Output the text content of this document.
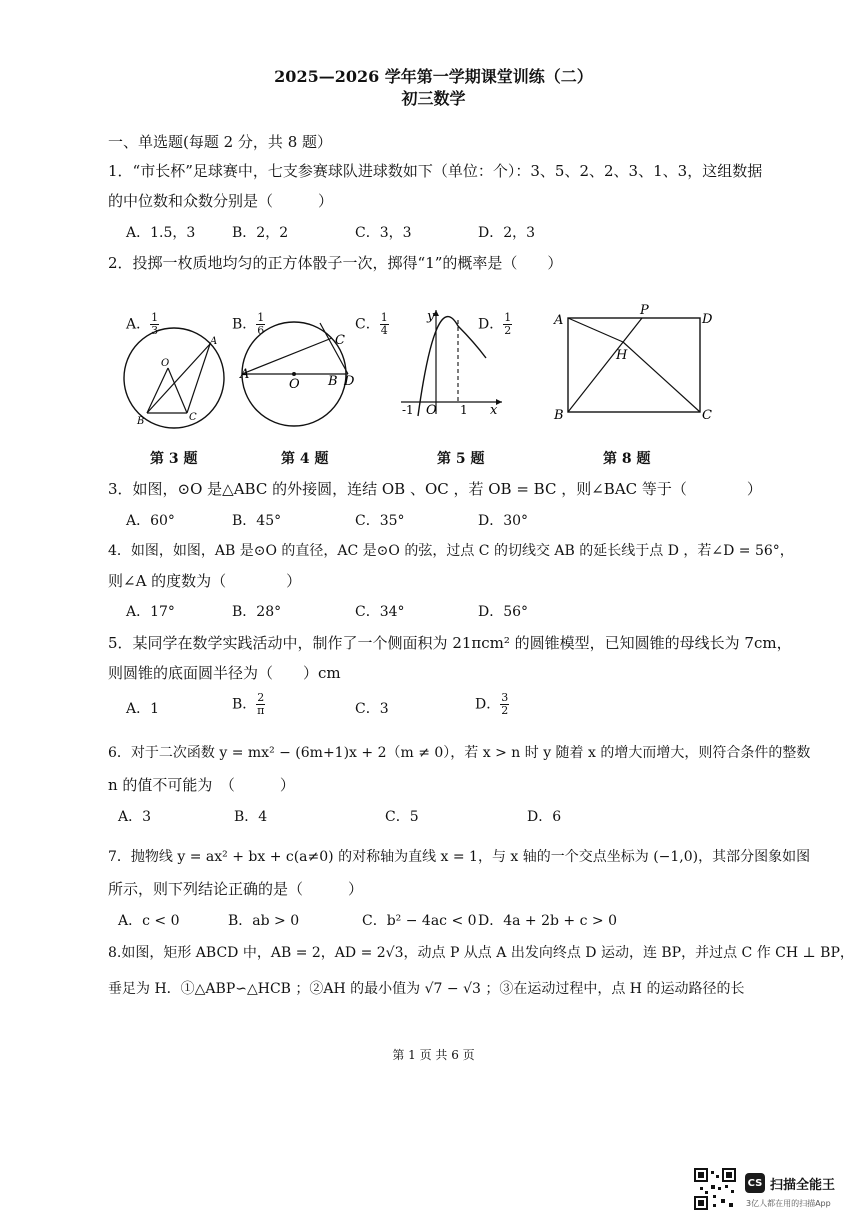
2025—2026 学年第一学期课堂训练（二）
初三数学
一、单选题(每题 2 分，共 8 题）
1．“市长杯”足球赛中，七支参赛球队进球数如下（单位：个）：3、5、2、2、3、1、3，这组数据
的中位数和众数分别是（　　　）
A．1.5，3	B．2，2	C．3，3	D．2，3
2．投掷一枚质地均匀的正方体骰子一次，掷得“1”的概率是（　　）
A． $\frac{1}{3}$	B． $\frac{1}{6}$	C． $\frac{1}{4}$	D． $\frac{1}{2}$
O
A
B	C
A
O B
C
D
y
x
O
-1	1
A
P
D
H
B	C
第 3 题	第 4 题	第 5 题	第 8 题
3．如图，⊙O 是△ABC 的外接圆，连结 OB 、OC ，若 OB = BC ，则∠BAC 等于（　　　　）
A．60°	B．45°	C．35°	D．30°
4．如图，如图，AB 是⊙O 的直径，AC 是⊙O 的弦，过点 C 的切线交 AB 的延长线于点 D ，若∠D = 56°，
则∠A 的度数为（　　　　）
A．17°	B．28°	C．34°	D．56°
5．某同学在数学实践活动中，制作了一个侧面积为 21πcm² 的圆锥模型，已知圆锥的母线长为 7cm，
则圆锥的底面圆半径为（　　）cm
A．1	B． $\frac{2}{\pi}$	C．3	D． $\frac{3}{2}$
6．对于二次函数 y = mx² − (6m+1)x + 2（m ≠ 0），若 x > n 时 y 随着 x 的增大而增大，则符合条件的整数
n 的值不可能为　（　　　）
A．3	B．4	C．5	D．6
7．抛物线 y = ax² + bx + c(a≠0) 的对称轴为直线 x = 1，与 x 轴的一个交点坐标为 (−1,0)，其部分图象如图
所示，则下列结论正确的是（　　　）
A．c < 0	B．ab > 0	C．b² − 4ac < 0 D．4a + 2b + c > 0
8.如图，矩形 ABCD 中，AB = 2，AD = 2√3，动点 P 从点 A 出发向终点 D 运动，连 BP，并过点 C 作 CH ⊥ BP，
垂足为 H．①△ABP∽△HCB ；②AH 的最小值为 √7 − √3 ；③在运动过程中，点 H 的运动路径的长
第 1 页 共 6 页
CS 扫描全能王
3亿人都在用的扫描App
